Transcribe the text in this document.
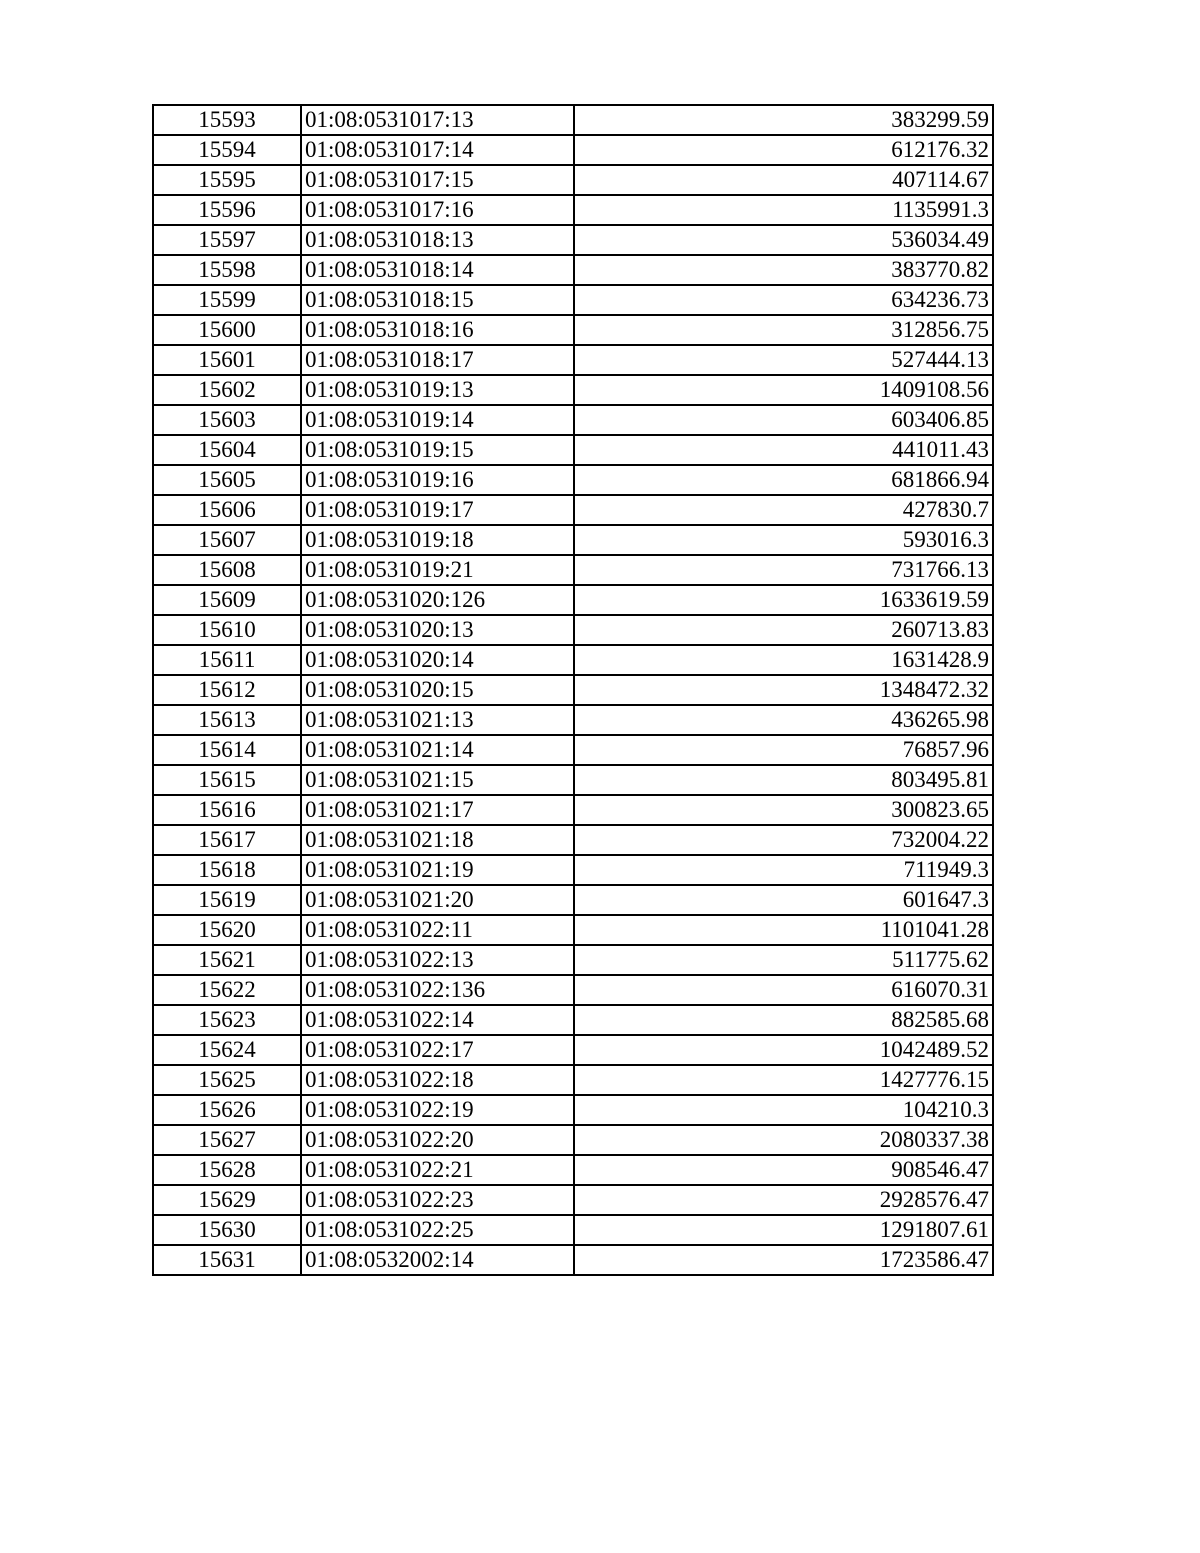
15593	01:08:0531017:13	383299.59
15594	01:08:0531017:14	612176.32
15595	01:08:0531017:15	407114.67
15596	01:08:0531017:16	1135991.3
15597	01:08:0531018:13	536034.49
15598	01:08:0531018:14	383770.82
15599	01:08:0531018:15	634236.73
15600	01:08:0531018:16	312856.75
15601	01:08:0531018:17	527444.13
15602	01:08:0531019:13	1409108.56
15603	01:08:0531019:14	603406.85
15604	01:08:0531019:15	441011.43
15605	01:08:0531019:16	681866.94
15606	01:08:0531019:17	427830.7
15607	01:08:0531019:18	593016.3
15608	01:08:0531019:21	731766.13
15609	01:08:0531020:126	1633619.59
15610	01:08:0531020:13	260713.83
15611	01:08:0531020:14	1631428.9
15612	01:08:0531020:15	1348472.32
15613	01:08:0531021:13	436265.98
15614	01:08:0531021:14	76857.96
15615	01:08:0531021:15	803495.81
15616	01:08:0531021:17	300823.65
15617	01:08:0531021:18	732004.22
15618	01:08:0531021:19	711949.3
15619	01:08:0531021:20	601647.3
15620	01:08:0531022:11	1101041.28
15621	01:08:0531022:13	511775.62
15622	01:08:0531022:136	616070.31
15623	01:08:0531022:14	882585.68
15624	01:08:0531022:17	1042489.52
15625	01:08:0531022:18	1427776.15
15626	01:08:0531022:19	104210.3
15627	01:08:0531022:20	2080337.38
15628	01:08:0531022:21	908546.47
15629	01:08:0531022:23	2928576.47
15630	01:08:0531022:25	1291807.61
15631	01:08:0532002:14	1723586.47
